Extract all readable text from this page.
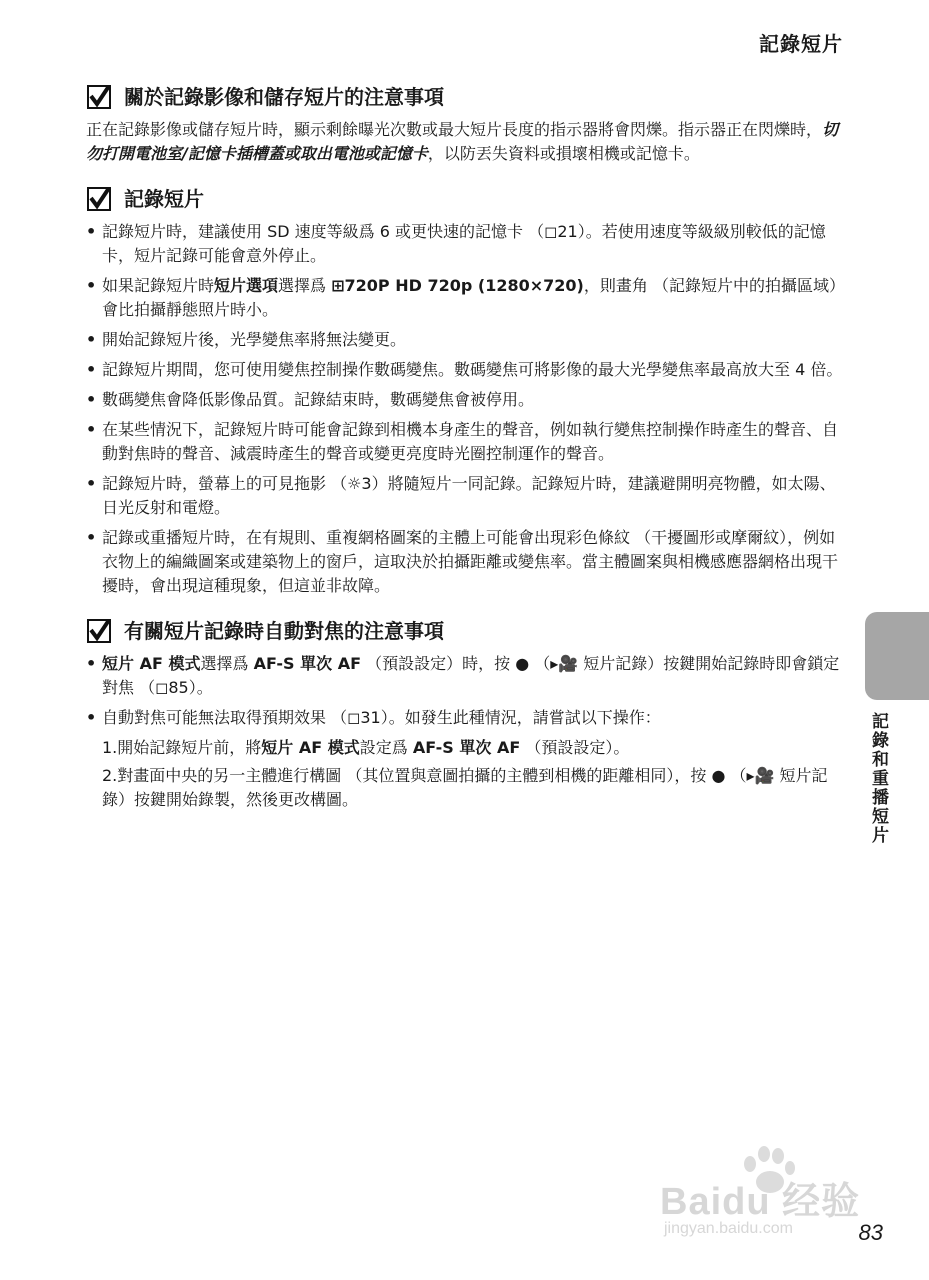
記錄短片
關於記錄影像和儲存短片的注意事項

正在記錄影像或儲存短片時，顯示剩餘曝光次數或最大短片長度的指示器將會閃爍。指示器正在閃爍時，切勿打開電池室/記憶卡插槽蓋或取出電池或記憶卡，以防丟失資料或損壞相機或記憶卡。

記錄短片
• 記錄短片時，建議使用 SD 速度等級爲 6 或更快速的記憶卡 （◻21）。若使用速度等級級別較低的記憶卡，短片記錄可能會意外停止。
• 如果記錄短片時短片選項選擇爲 ⊞720P HD 720p (1280×720)，則畫角 （記錄短片中的拍攝區域）會比拍攝靜態照片時小。
• 開始記錄短片後，光學變焦率將無法變更。
• 記錄短片期間，您可使用變焦控制操作數碼變焦。數碼變焦可將影像的最大光學變焦率最高放大至 4 倍。
• 數碼變焦會降低影像品質。記錄結束時，數碼變焦會被停用。
• 在某些情況下，記錄短片時可能會記錄到相機本身產生的聲音，例如執行變焦控制操作時產生的聲音、自動對焦時的聲音、減震時產生的聲音或變更亮度時光圈控制運作的聲音。
• 記錄短片時，螢幕上的可見拖影 （☼3）將隨短片一同記錄。記錄短片時，建議避開明亮物體，如太陽、日光反射和電燈。
• 記錄或重播短片時，在有規則、重複網格圖案的主體上可能會出現彩色條紋 （干擾圖形或摩爾紋），例如衣物上的編織圖案或建築物上的窗戶，這取決於拍攝距離或變焦率。當主體圖案與相機感應器網格出現干擾時，會出現這種現象，但這並非故障。
有關短片記錄時自動對焦的注意事項
• 短片 AF 模式選擇爲 AF-S 單次 AF （預設設定）時，按 ● （▸🎥 短片記錄）按鍵開始記錄時即會鎖定對焦 （◻85）。
• 自動對焦可能無法取得預期效果 （◻31）。如發生此種情況，請嘗試以下操作：
1.開始記錄短片前，將短片 AF 模式設定爲 AF-S 單次 AF （預設設定）。
2.對畫面中央的另一主體進行構圖 （其位置與意圖拍攝的主體到相機的距離相同），按 ● （▸🎥 短片記錄）按鍵開始錄製，然後更改構圖。	記錄和重播短片
Baidu 经验
jingyan.baidu.com	83
